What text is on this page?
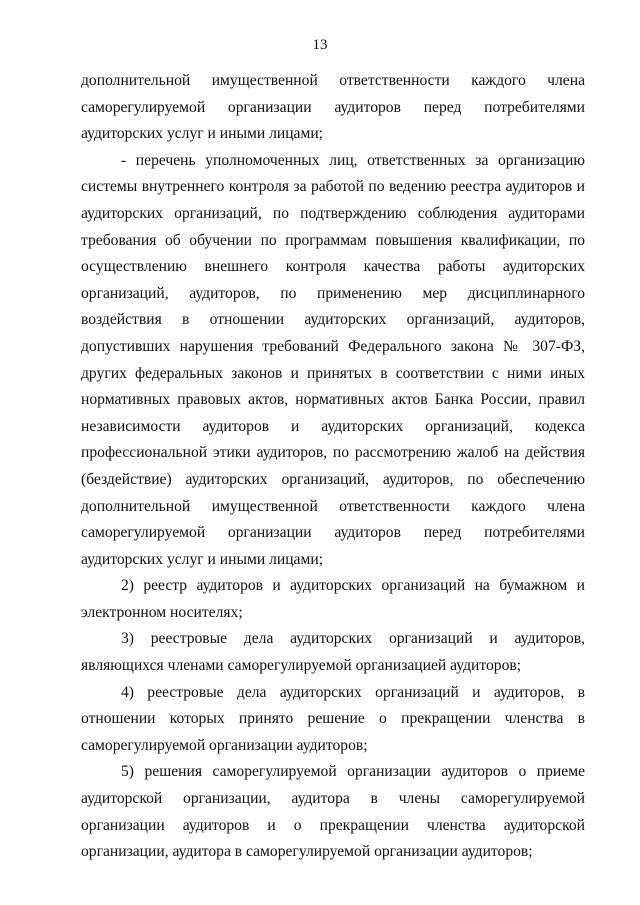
13

дополнительной имущественной ответственности каждого члена саморегулируемой организации аудиторов перед потребителями аудиторских услуг и иными лицами;

- перечень уполномоченных лиц, ответственных за организацию системы внутреннего контроля за работой по ведению реестра аудиторов и аудиторских организаций, по подтверждению соблюдения аудиторами требования об обучении по программам повышения квалификации, по осуществлению внешнего контроля качества работы аудиторских организаций, аудиторов, по применению мер дисциплинарного воздействия в отношении аудиторских организаций, аудиторов, допустивших нарушения требований Федерального закона № 307-ФЗ, других федеральных законов и принятых в соответствии с ними иных нормативных правовых актов, нормативных актов Банка России, правил независимости аудиторов и аудиторских организаций, кодекса профессиональной этики аудиторов, по рассмотрению жалоб на действия (бездействие) аудиторских организаций, аудиторов, по обеспечению дополнительной имущественной ответственности каждого члена саморегулируемой организации аудиторов перед потребителями аудиторских услуг и иными лицами;

2) реестр аудиторов и аудиторских организаций на бумажном и электронном носителях;

3) реестровые дела аудиторских организаций и аудиторов, являющихся членами саморегулируемой организацией аудиторов;

4) реестровые дела аудиторских организаций и аудиторов, в отношении которых принято решение о прекращении членства в саморегулируемой организации аудиторов;

5) решения саморегулируемой организации аудиторов о приеме аудиторской организации, аудитора в члены саморегулируемой организации аудиторов и о прекращении членства аудиторской организации, аудитора в саморегулируемой организации аудиторов;
